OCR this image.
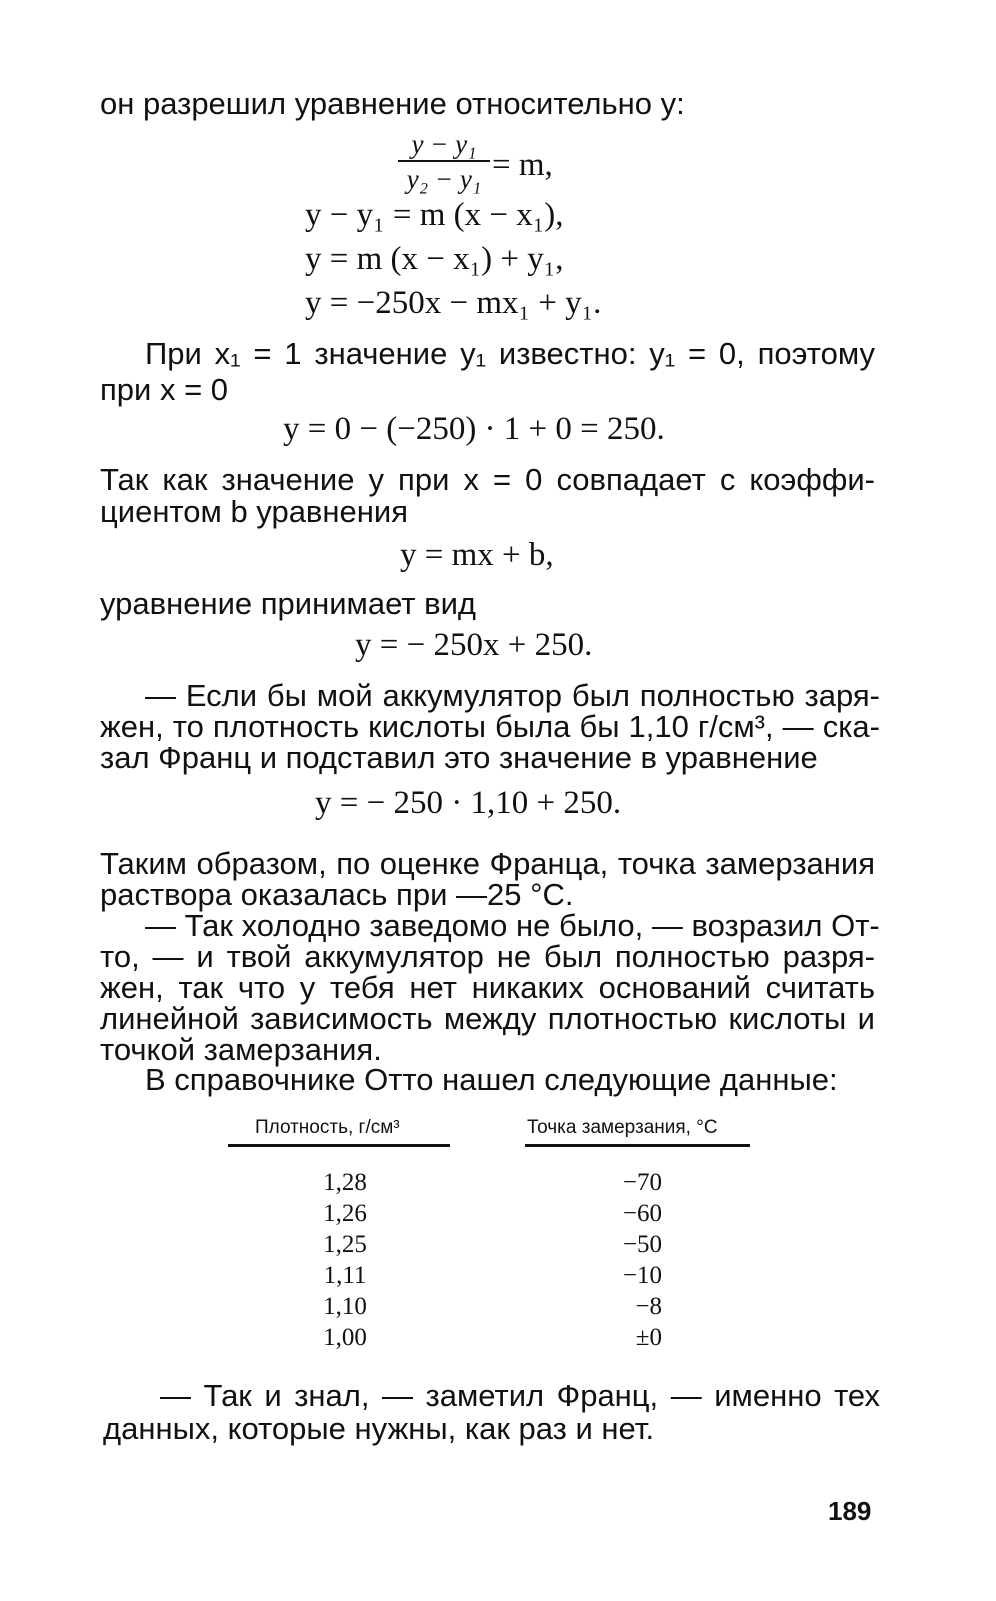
он разрешил уравнение относительно y:
$\frac{\text{y − y₁}}{\text{y₂ − y₁}} = m$,
y − y₁ = m (x − x₁),
y = m (x − x₁) + y₁,
y = −250x − mx₁ + y₁.
При x₁ = 1 значение y₁ известно: y₁ = 0, поэтому
при x = 0
y = 0 − (−250) · 1 + 0 = 250.
Так как значение y при x = 0 совпадает с коэффи-
циентом b уравнения
y = mx + b,
уравнение принимает вид
y = − 250x + 250.
— Если бы мой аккумулятор был полностью заря-
жен, то плотность кислоты была бы 1,10 г/см³, — ска-
зал Франц и подставил это значение в уравнение
y = − 250 · 1,10 + 250.
Таким образом, по оценке Франца, точка замерзания
раствора оказалась при —25 °С.
— Так холодно заведомо не было, — возразил От-
то, — и твой аккумулятор не был полностью разря-
жен, так что у тебя нет никаких оснований считать
линейной зависимость между плотностью кислоты и
точкой замерзания.
В справочнике Отто нашел следующие данные:
Плотность, г/см³	Точка замерзания, °С
1,28	−70
1,26	−60
1,25	−50
1,11	−10
1,10	−8
1,00	±0
— Так и знал, — заметил Франц, — именно тех
данных, которые нужны, как раз и нет.
189
